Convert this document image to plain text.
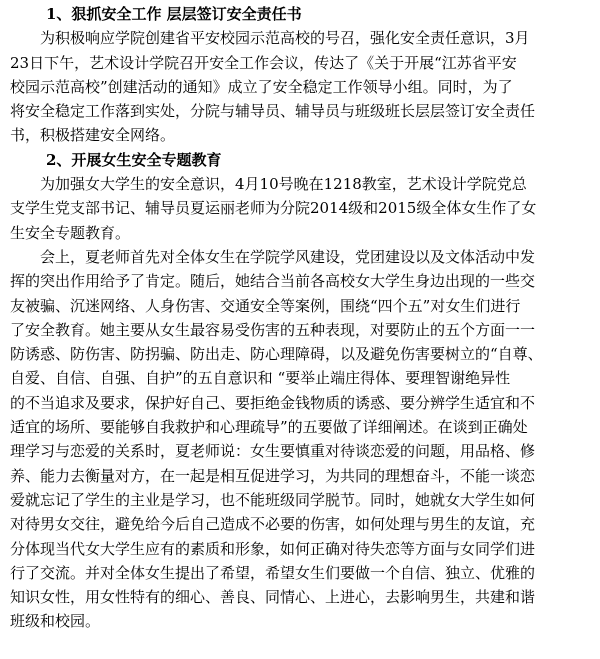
1、狠抓安全工作 层层签订安全责任书
为积极响应学院创建省平安校园示范高校的号召，强化安全责任意识，3月
23日下午，艺术设计学院召开安全工作会议，传达了《关于开展“江苏省平安
校园示范高校”创建活动的通知》成立了安全稳定工作领导小组。同时，为了
将安全稳定工作落到实处，分院与辅导员、辅导员与班级班长层层签订安全责任
书，积极搭建安全网络。
2、开展女生安全专题教育
为加强女大学生的安全意识，4月10号晚在1218教室，艺术设计学院党总
支学生党支部书记、辅导员夏运丽老师为分院2014级和2015级全体女生作了女
生安全专题教育。
会上，夏老师首先对全体女生在学院学风建设，党团建设以及文体活动中发
挥的突出作用给予了肯定。随后，她结合当前各高校女大学生身边出现的一些交
友被骗、沉迷网络、人身伤害、交通安全等案例，围绕“四个五”对女生们进行
了安全教育。她主要从女生最容易受伤害的五种表现，对要防止的五个方面一一
防诱惑、防伤害、防拐骗、防出走、防心理障碍，以及避免伤害要树立的“自尊、
自爱、自信、自强、自护”的五自意识和 “要举止端庄得体、要理智谢绝异性
的不当追求及要求，保护好自己、要拒绝金钱物质的诱惑、要分辨学生适宜和不
适宜的场所、要能够自我救护和心理疏导”的五要做了详细阐述。在谈到正确处
理学习与恋爱的关系时，夏老师说：女生要慎重对待谈恋爱的问题，用品格、修
养、能力去衡量对方，在一起是相互促进学习，为共同的理想奋斗，不能一谈恋
爱就忘记了学生的主业是学习，也不能班级同学脱节。同时，她就女大学生如何
对待男女交往，避免给今后自己造成不必要的伤害，如何处理与男生的友谊，充
分体现当代女大学生应有的素质和形象，如何正确对待失恋等方面与女同学们进
行了交流。并对全体女生提出了希望，希望女生们要做一个自信、独立、优雅的
知识女性，用女性特有的细心、善良、同情心、上进心，去影响男生，共建和谐
班级和校园。
